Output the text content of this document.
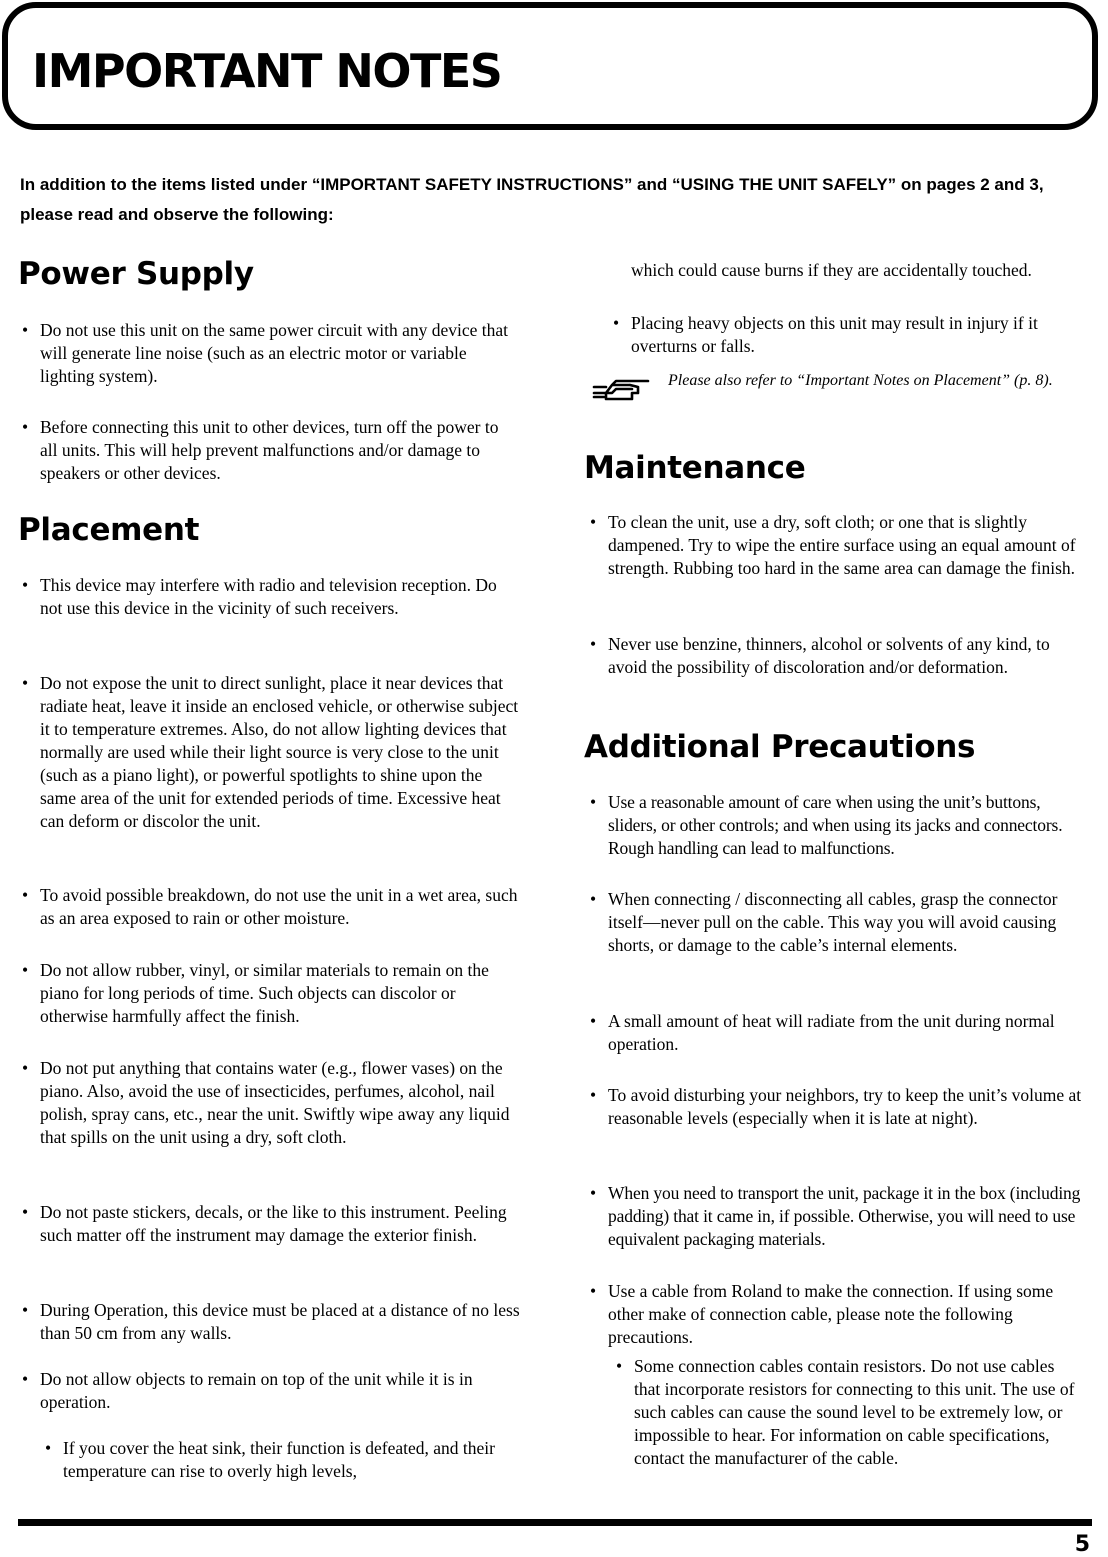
IMPORTANT NOTES

In addition to the items listed under “IMPORTANT SAFETY INSTRUCTIONS” and “USING THE UNIT SAFELY” on pages 2 and 3, please read and observe the following:

Power Supply

• Do not use this unit on the same power circuit with any device that will generate line noise (such as an electric motor or variable lighting system).

• Before connecting this unit to other devices, turn off the power to all units. This will help prevent malfunctions and/or damage to speakers or other devices.

Placement

• This device may interfere with radio and television reception. Do not use this device in the vicinity of such receivers.

• Do not expose the unit to direct sunlight, place it near devices that radiate heat, leave it inside an enclosed vehicle, or otherwise subject it to temperature extremes. Also, do not allow lighting devices that normally are used while their light source is very close to the unit (such as a piano light), or powerful spotlights to shine upon the same area of the unit for extended periods of time. Excessive heat can deform or discolor the unit.

• To avoid possible breakdown, do not use the unit in a wet area, such as an area exposed to rain or other moisture.

• Do not allow rubber, vinyl, or similar materials to remain on the piano for long periods of time. Such objects can discolor or otherwise harmfully affect the finish.

• Do not put anything that contains water (e.g., flower vases) on the piano. Also, avoid the use of insecticides, perfumes, alcohol, nail polish, spray cans, etc., near the unit. Swiftly wipe away any liquid that spills on the unit using a dry, soft cloth.

• Do not paste stickers, decals, or the like to this instrument. Peeling such matter off the instrument may damage the exterior finish.

• During Operation, this device must be placed at a distance of no less than 50 cm from any walls.

• Do not allow objects to remain on top of the unit while it is in operation.

• If you cover the heat sink, their function is defeated, and their temperature can rise to overly high levels,

which could cause burns if they are accidentally touched.

• Placing heavy objects on this unit may result in injury if it overturns or falls.

Please also refer to “Important Notes on Placement” (p. 8).

Maintenance

• To clean the unit, use a dry, soft cloth; or one that is slightly dampened. Try to wipe the entire surface using an equal amount of strength. Rubbing too hard in the same area can damage the finish.

• Never use benzine, thinners, alcohol or solvents of any kind, to avoid the possibility of discoloration and/or deformation.

Additional Precautions

• Use a reasonable amount of care when using the unit’s buttons, sliders, or other controls; and when using its jacks and connectors. Rough handling can lead to malfunctions.

• When connecting / disconnecting all cables, grasp the connector itself—never pull on the cable. This way you will avoid causing shorts, or damage to the cable’s internal elements.

• A small amount of heat will radiate from the unit during normal operation.

• To avoid disturbing your neighbors, try to keep the unit’s volume at reasonable levels (especially when it is late at night).

• When you need to transport the unit, package it in the box (including padding) that it came in, if possible. Otherwise, you will need to use equivalent packaging materials.

• Use a cable from Roland to make the connection. If using some other make of connection cable, please note the following precautions.

• Some connection cables contain resistors. Do not use cables that incorporate resistors for connecting to this unit. The use of such cables can cause the sound level to be extremely low, or impossible to hear. For information on cable specifications, contact the manufacturer of the cable.

5
